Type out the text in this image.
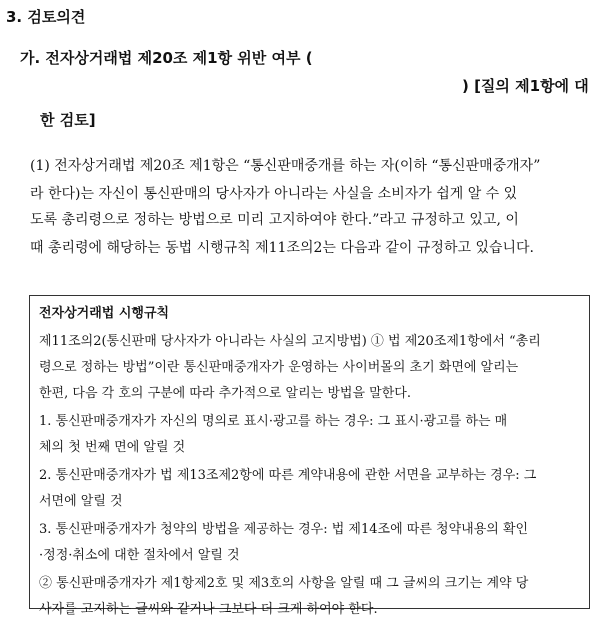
3. 검토의견
가. 전자상거래법 제20조 제1항 위반 여부 (
) [질의 제1항에 대
한 검토]
(1) 전자상거래법 제20조 제1항은 “통신판매중개를 하는 자(이하 “통신판매중개자”
라 한다)는 자신이 통신판매의 당사자가 아니라는 사실을 소비자가 쉽게 알 수 있
도록 총리령으로 정하는 방법으로 미리 고지하여야 한다.”라고 규정하고 있고, 이
때 총리령에 해당하는 동법 시행규칙 제11조의2는 다음과 같이 규정하고 있습니다.
전자상거래법 시행규칙
제11조의2(통신판매 당사자가 아니라는 사실의 고지방법) ① 법 제20조제1항에서 “총리
령으로 정하는 방법”이란 통신판매중개자가 운영하는 사이버몰의 초기 화면에 알리는
한편, 다음 각 호의 구분에 따라 추가적으로 알리는 방법을 말한다.
1. 통신판매중개자가 자신의 명의로 표시·광고를 하는 경우: 그 표시·광고를 하는 매
체의 첫 번째 면에 알릴 것
2. 통신판매중개자가 법 제13조제2항에 따른 계약내용에 관한 서면을 교부하는 경우: 그
서면에 알릴 것
3. 통신판매중개자가 청약의 방법을 제공하는 경우: 법 제14조에 따른 청약내용의 확인
·정정·취소에 대한 절차에서 알릴 것
② 통신판매중개자가 제1항제2호 및 제3호의 사항을 알릴 때 그 글씨의 크기는 계약 당
사자를 고지하는 글씨와 같거나 그보다 더 크게 하여야 한다.
